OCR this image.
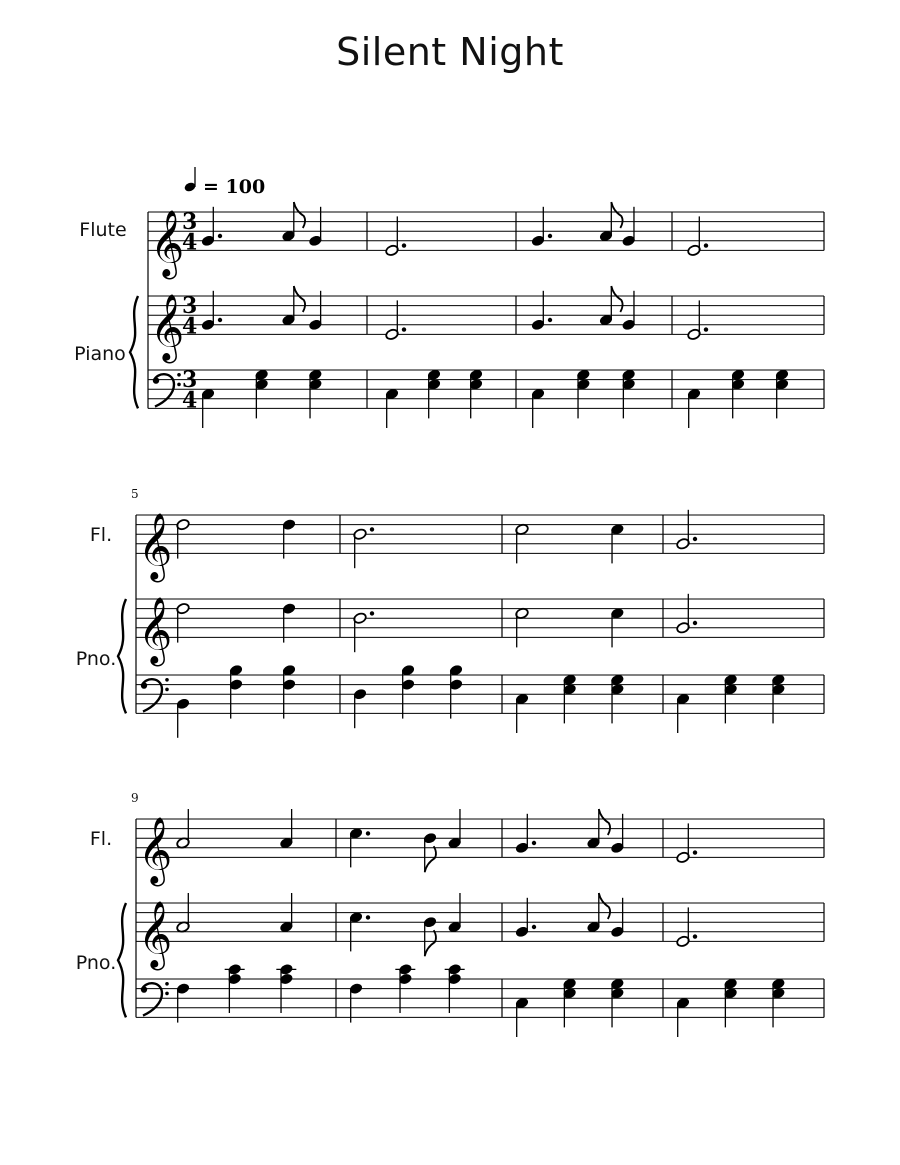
Silent Night
Flute
Piano
𝄞
𝄞
3
4
3
4
3
4
= 100
Fl.
Pno.
5
𝄞
𝄞
Fl.
Pno.
9
𝄞
𝄞
